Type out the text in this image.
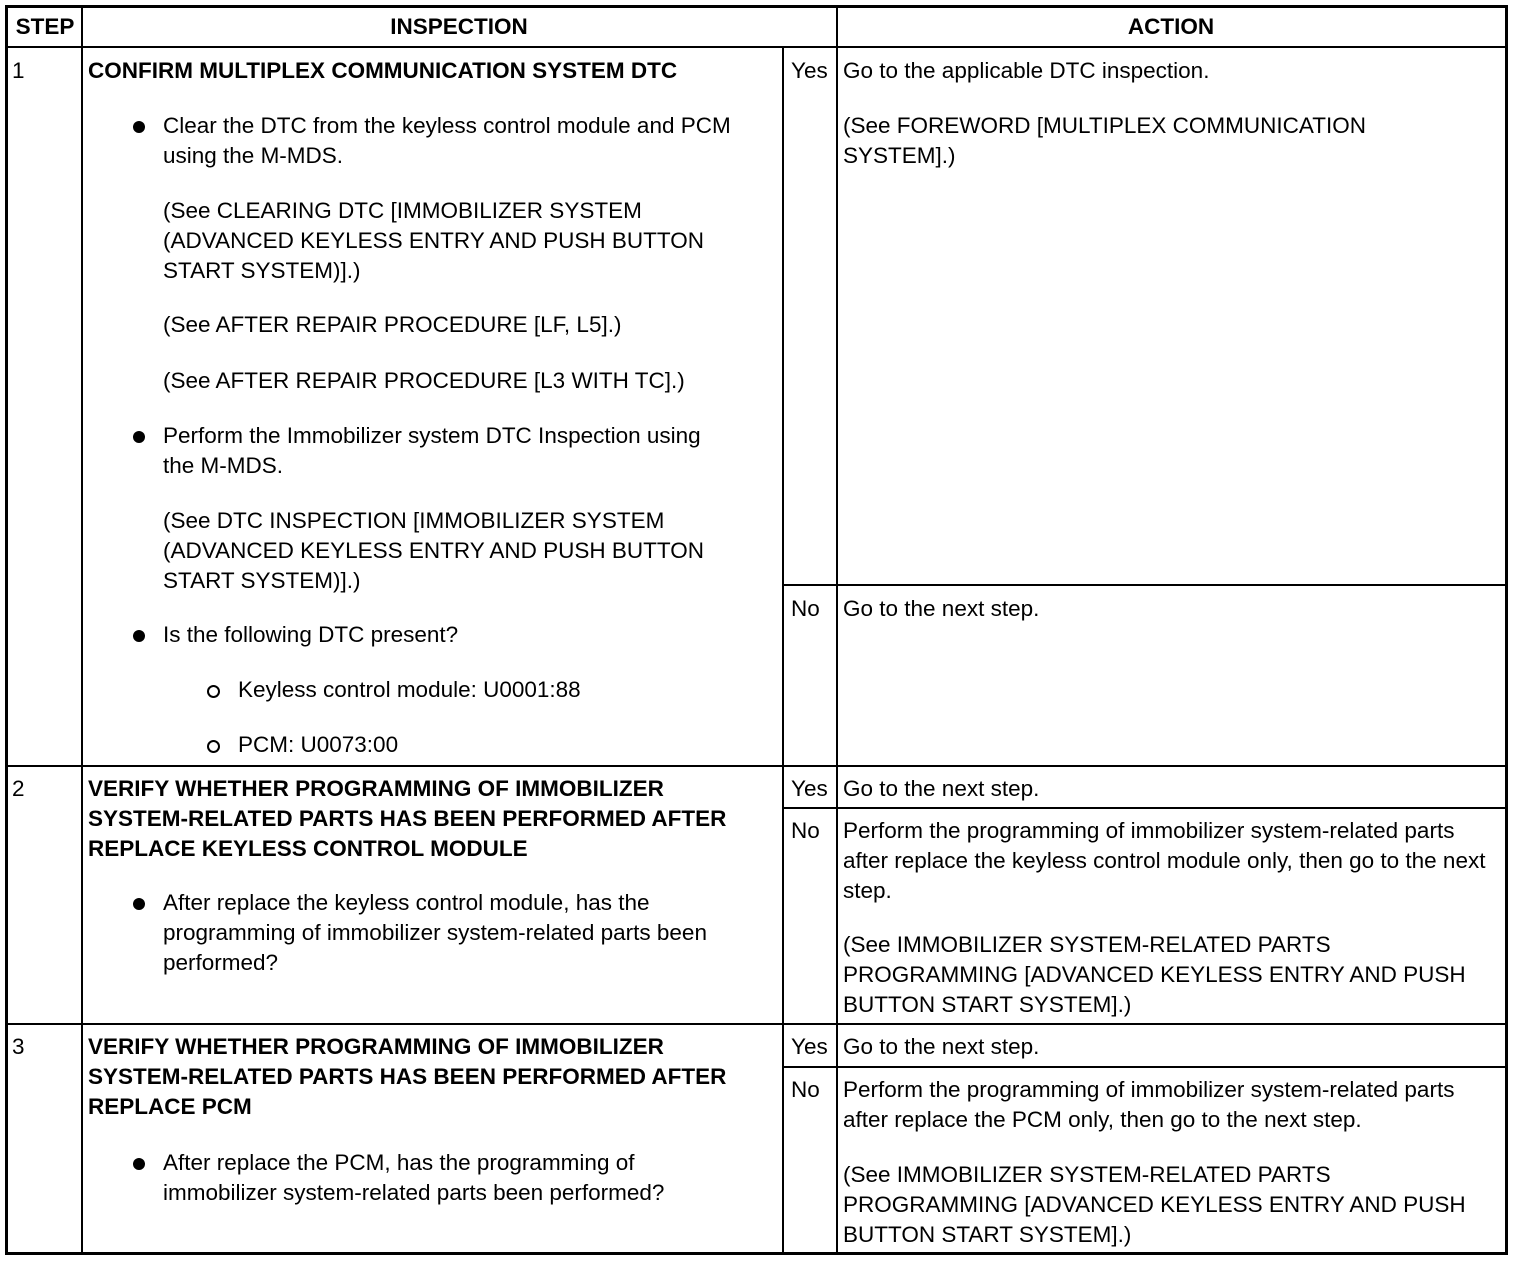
STEP	INSPECTION	ACTION
1	CONFIRM MULTIPLEX COMMUNICATION SYSTEM DTC
Clear the DTC from the keyless control module and PCM using the M-MDS.
(See CLEARING DTC [IMMOBILIZER SYSTEM (ADVANCED KEYLESS ENTRY AND PUSH BUTTON START SYSTEM)].)
(See AFTER REPAIR PROCEDURE [LF, L5].)
(See AFTER REPAIR PROCEDURE [L3 WITH TC].)
Perform the Immobilizer system DTC Inspection using the M-MDS.
(See DTC INSPECTION [IMMOBILIZER SYSTEM (ADVANCED KEYLESS ENTRY AND PUSH BUTTON START SYSTEM)].)
Is the following DTC present?
Keyless control module: U0001:88
PCM: U0073:00
Yes Go to the applicable DTC inspection.
(See FOREWORD [MULTIPLEX COMMUNICATION SYSTEM].)
No	Go to the next step.
2	VERIFY WHETHER PROGRAMMING OF IMMOBILIZER SYSTEM-RELATED PARTS HAS BEEN PERFORMED AFTER REPLACE KEYLESS CONTROL MODULE
After replace the keyless control module, has the programming of immobilizer system-related parts been performed?
Yes Go to the next step.
No	Perform the programming of immobilizer system-related parts after replace the keyless control module only, then go to the next step.
(See IMMOBILIZER SYSTEM-RELATED PARTS PROGRAMMING [ADVANCED KEYLESS ENTRY AND PUSH BUTTON START SYSTEM].)
3	VERIFY WHETHER PROGRAMMING OF IMMOBILIZER SYSTEM-RELATED PARTS HAS BEEN PERFORMED AFTER REPLACE PCM
After replace the PCM, has the programming of immobilizer system-related parts been performed?
Yes Go to the next step.
No	Perform the programming of immobilizer system-related parts after replace the PCM only, then go to the next step.
(See IMMOBILIZER SYSTEM-RELATED PARTS PROGRAMMING [ADVANCED KEYLESS ENTRY AND PUSH BUTTON START SYSTEM].)
